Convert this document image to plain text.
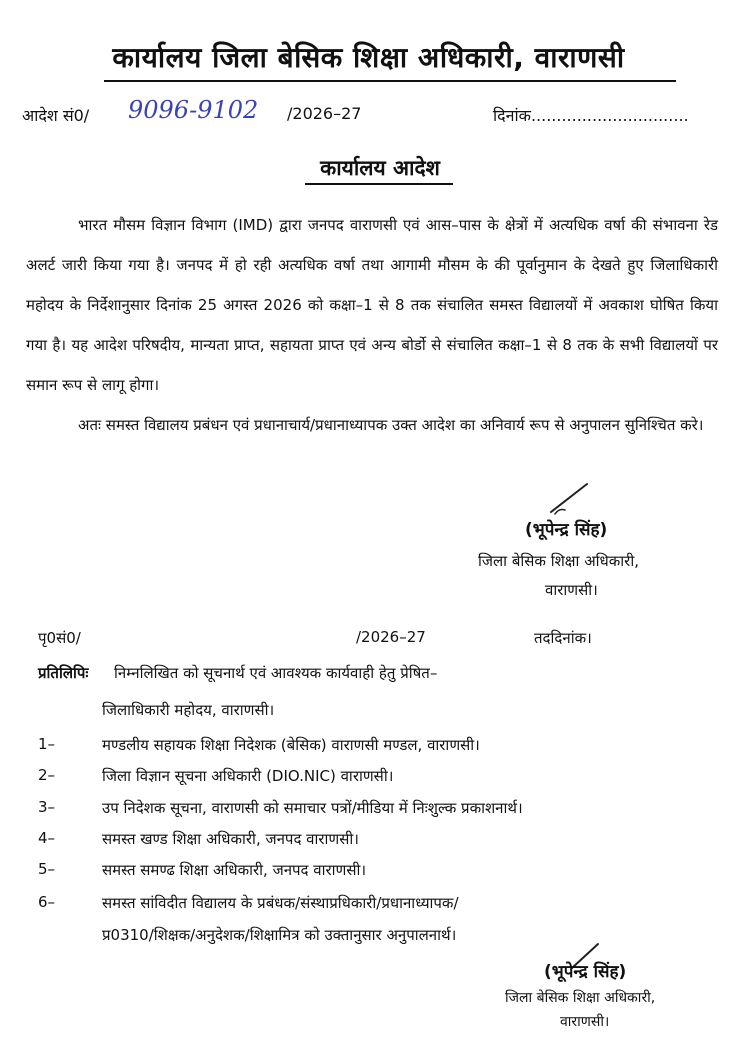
कार्यालय जिला बेसिक शिक्षा अधिकारी, वाराणसी
आदेश सं0/ 9096-9102 /2026–27	दिनांक...............................
कार्यालय आदेश

भारत मौसम विज्ञान विभाग (IMD) द्वारा जनपद वाराणसी एवं आस–पास के क्षेत्रों में अत्यधिक वर्षा की संभावना रेड अलर्ट जारी किया गया है। जनपद में हो रही अत्यधिक वर्षा तथा आगामी मौसम के की पूर्वानुमान के देखते हुए जिलाधिकारी महोदय के निर्देशानुसार दिनांक 25 अगस्त 2026 को कक्षा–1 से 8 तक संचालित समस्त विद्यालयों में अवकाश घोषित किया गया है। यह आदेश परिषदीय, मान्यता प्राप्त, सहायता प्राप्त एवं अन्य बोर्डो से संचालित कक्षा–1 से 8 तक के सभी विद्यालयों पर समान रूप से लागू होगा।

अतः समस्त विद्यालय प्रबंधन एवं प्रधानाचार्य/प्रधानाध्यापक उक्त आदेश का अनिवार्य रूप से अनुपालन सुनिश्चित करे।

(भूपेन्द्र सिंह)
जिला बेसिक शिक्षा अधिकारी,
वाराणसी।
पृ0सं0/	/2026–27	तददिनांक।
प्रतिलिपिः निम्नलिखित को सूचनार्थ एवं आवश्यक कार्यवाही हेतु प्रेषित–
जिलाधिकारी महोदय, वाराणसी।
1–	मण्डलीय सहायक शिक्षा निदेशक (बेसिक) वाराणसी मण्डल, वाराणसी।
2–	जिला विज्ञान सूचना अधिकारी (DIO.NIC) वाराणसी।
3–	उप निदेशक सूचना, वाराणसी को समाचार पत्रों/मीडिया में निःशुल्क प्रकाशनार्थ।
4–	समस्त खण्ड शिक्षा अधिकारी, जनपद वाराणसी।
5–	समस्त समण्ढ शिक्षा अधिकारी, जनपद वाराणसी।
6–	समस्त सांविदीत विद्यालय के प्रबंधक/संस्थाप्रधिकारी/प्रधानाध्यापक/
प्र0310/शिक्षक/अनुदेशक/शिक्षामित्र को उक्तानुसार अनुपालनार्थ।
(भूपेन्द्र सिंह)
जिला बेसिक शिक्षा अधिकारी,
वाराणसी।
